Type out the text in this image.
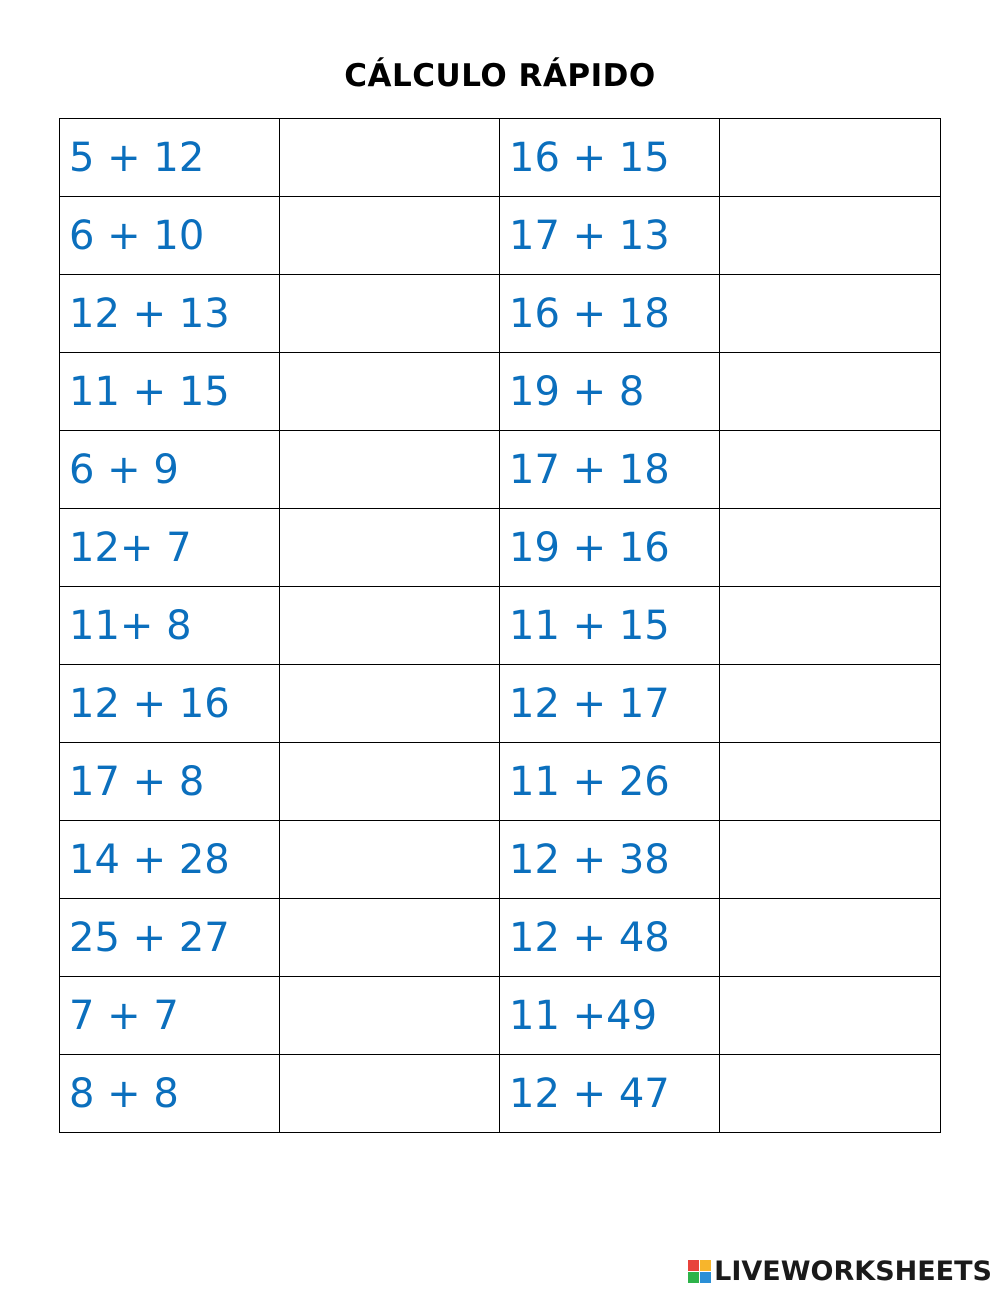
CÁLCULO RÁPIDO
5 + 12		16 + 15	

6 + 10		17 + 13	

12 + 13		16 + 18	

11 + 15		19 + 8	

6 + 9		17 + 18	

12+ 7		19 + 16	

11+ 8		11 + 15	

12 + 16		12 + 17	

17 + 8		11 + 26	

14 + 28		12 + 38	

25 + 27		12 + 48	

7 + 7		11 +49	

8 + 8		12 + 47	
LIVEWORKSHEETS
